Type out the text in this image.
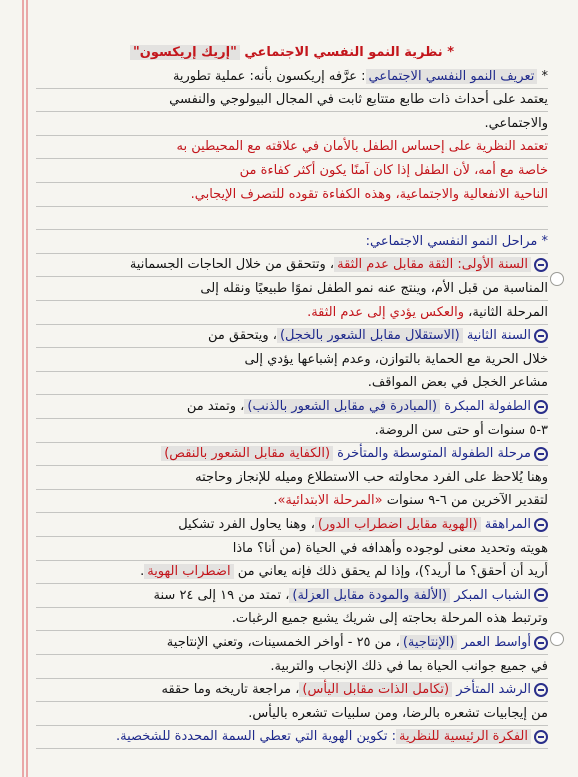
* نظرية النمو النفسي الاجتماعي "إريك إريكسون"
* تعريف النمو النفسي الاجتماعي: عرَّفه إريكسون بأنه: عملية تطورية
يعتمد على أحداث ذات طابع متتابع ثابت في المجال البيولوجي والنفسي
والاجتماعي.
تعتمد النظرية على إحساس الطفل بالأمان في علاقته مع المحيطين به
خاصة مع أمه، لأن الطفل إذا كان آمنًا يكون أكثر كفاءة من
الناحية الانفعالية والاجتماعية، وهذه الكفاءة تقوده للتصرف الإيجابي.
* مراحل النمو النفسي الاجتماعي:
السنة الأولى: الثقة مقابل عدم الثقة، وتتحقق من خلال الحاجات الجسمانية
المناسبة من قبل الأم، وينتج عنه نمو الطفل نموًا طبيعيًا ونقله إلى
المرحلة الثانية، والعكس يؤدي إلى عدم الثقة.
السنة الثانية (الاستقلال مقابل الشعور بالخجل)، ويتحقق من
خلال الحرية مع الحماية بالتوازن، وعدم إشباعها يؤدي إلى
مشاعر الخجل في بعض المواقف.
الطفولة المبكرة (المبادرة في مقابل الشعور بالذنب)، وتمتد من
٣-٥ سنوات أو حتى سن الروضة.
مرحلة الطفولة المتوسطة والمتأخرة (الكفاية مقابل الشعور بالنقص)
وهنا يُلاحظ على الفرد محاولته حب الاستطلاع وميله للإنجاز وحاجته
لتقدير الآخرين من ٦-٩ سنوات «المرحلة الابتدائية».
المراهقة (الهوية مقابل اضطراب الدور)، وهنا يحاول الفرد تشكيل
هويته وتحديد معنى لوجوده وأهدافه في الحياة (من أنا؟ ماذا
أريد أن أحقق؟ ما أريد؟)، وإذا لم يحقق ذلك فإنه يعاني من اضطراب الهوية.
الشباب المبكر (الألفة والمودة مقابل العزلة)، تمتد من ١٩ إلى ٢٤ سنة
وترتبط هذه المرحلة بحاجته إلى شريك يشبع جميع الرغبات.
أواسط العمر (الإنتاجية)، من ٢٥ - أواخر الخمسينات، وتعني الإنتاجية
في جميع جوانب الحياة بما في ذلك الإنجاب والتربية.
الرشد المتأخر (تكامل الذات مقابل اليأس)، مراجعة تاريخه وما حققه
من إيجابيات تشعره بالرضا، ومن سلبيات تشعره باليأس.
الفكرة الرئيسية للنظرية: تكوين الهوية التي تعطي السمة المحددة للشخصية.
